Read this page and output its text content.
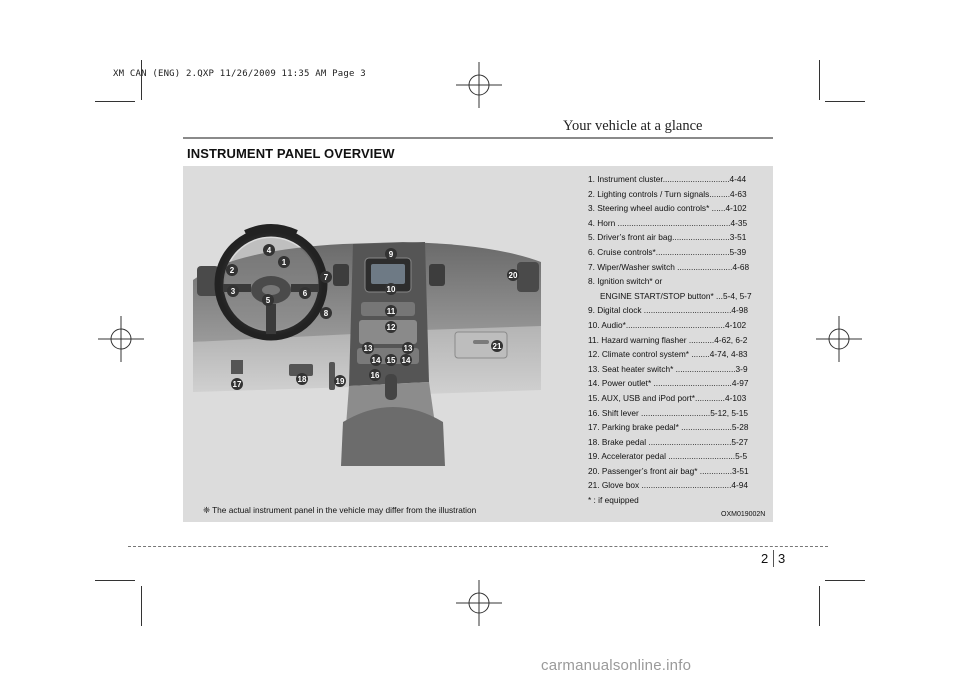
XM CAN (ENG) 2.QXP 11/26/2009 11:35 AM Page 3
Your vehicle at a glance
INSTRUMENT PANEL OVERVIEW
1
2
3
4
5
6
7
8
9
10
11
12
13	13
14 15 14
16
17
18	19
20
21
1. Instrument cluster.............................4-44
2. Lighting controls / Turn signals.........4-63
3. Steering wheel audio controls* ......4-102
4. Horn .................................................4-35
5. Driver’s front air bag.........................3-51
6. Cruise controls*................................5-39
7. Wiper/Washer switch ........................4-68
8. Ignition switch* or
ENGINE START/STOP button* ...5-4, 5-7
9. Digital clock ......................................4-98
10. Audio*...........................................4-102
11. Hazard warning flasher ...........4-62, 6-2
12. Climate control system* ........4-74, 4-83
13. Seat heater switch* ..........................3-9
14. Power outlet* ..................................4-97
15. AUX, USB and iPod port*.............4-103
16. Shift lever ..............................5-12, 5-15
17. Parking brake pedal* ......................5-28
18. Brake pedal ....................................5-27
19. Accelerator pedal .............................5-5
20. Passenger’s front air bag* ..............3-51
21. Glove box .......................................4-94
* : if equipped
❈ The actual instrument panel in the vehicle may differ from the illustration	OXM019002N
2 3
carmanualsonline.info
